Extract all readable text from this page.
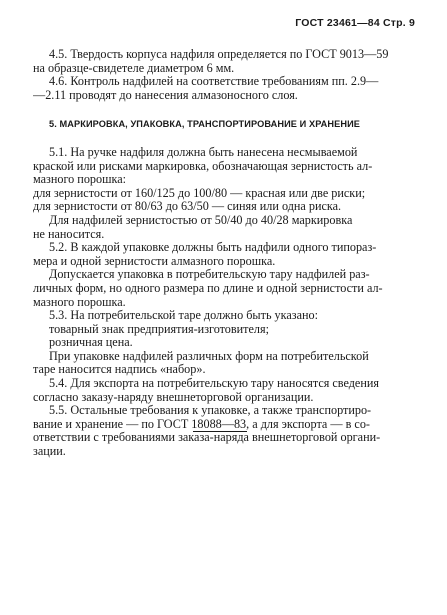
ГОСТ 23461—84 Стр. 9

4.5. Твердость корпуса надфиля определяется по ГОСТ 9013—59

на образце-свидетеле диаметром 6 мм.

4.6. Контроль надфилей на соответствие требованиям пп. 2.9—

—2.11 проводят до нанесения алмазоносного слоя.

5. МАРКИРОВКА, УПАКОВКА, ТРАНСПОРТИРОВАНИЕ И ХРАНЕНИЕ

5.1. На ручке надфиля должна быть нанесена несмываемой

краской или рисками маркировка, обозначающая зернистость ал-

мазного порошка:

для зернистости от 160/125 до 100/80 — красная или две риски;

для зернистости от 80/63 до 63/50 — синяя или одна риска.

Для надфилей зернистостью от 50/40 до 40/28 маркировка

не наносится.

5.2. В каждой упаковке должны быть надфили одного типораз-

мера и одной зернистости алмазного порошка.

Допускается упаковка в потребительскую тару надфилей раз-

личных форм, но одного размера по длине и одной зернистости ал-

мазного порошка.

5.3. На потребительской таре должно быть указано:

товарный знак предприятия-изготовителя;

розничная цена.

При упаковке надфилей различных форм на потребительской

таре наносится надпись «набор».

5.4. Для экспорта на потребительскую тару наносятся сведения

согласно заказу-наряду внешнеторговой организации.

5.5. Остальные требования к упаковке, а также транспортиро-

вание и хранение — по ГОСТ 18088—83, а для экспорта — в со-

ответствии с требованиями заказа-наряда внешнеторговой органи-

зации.
